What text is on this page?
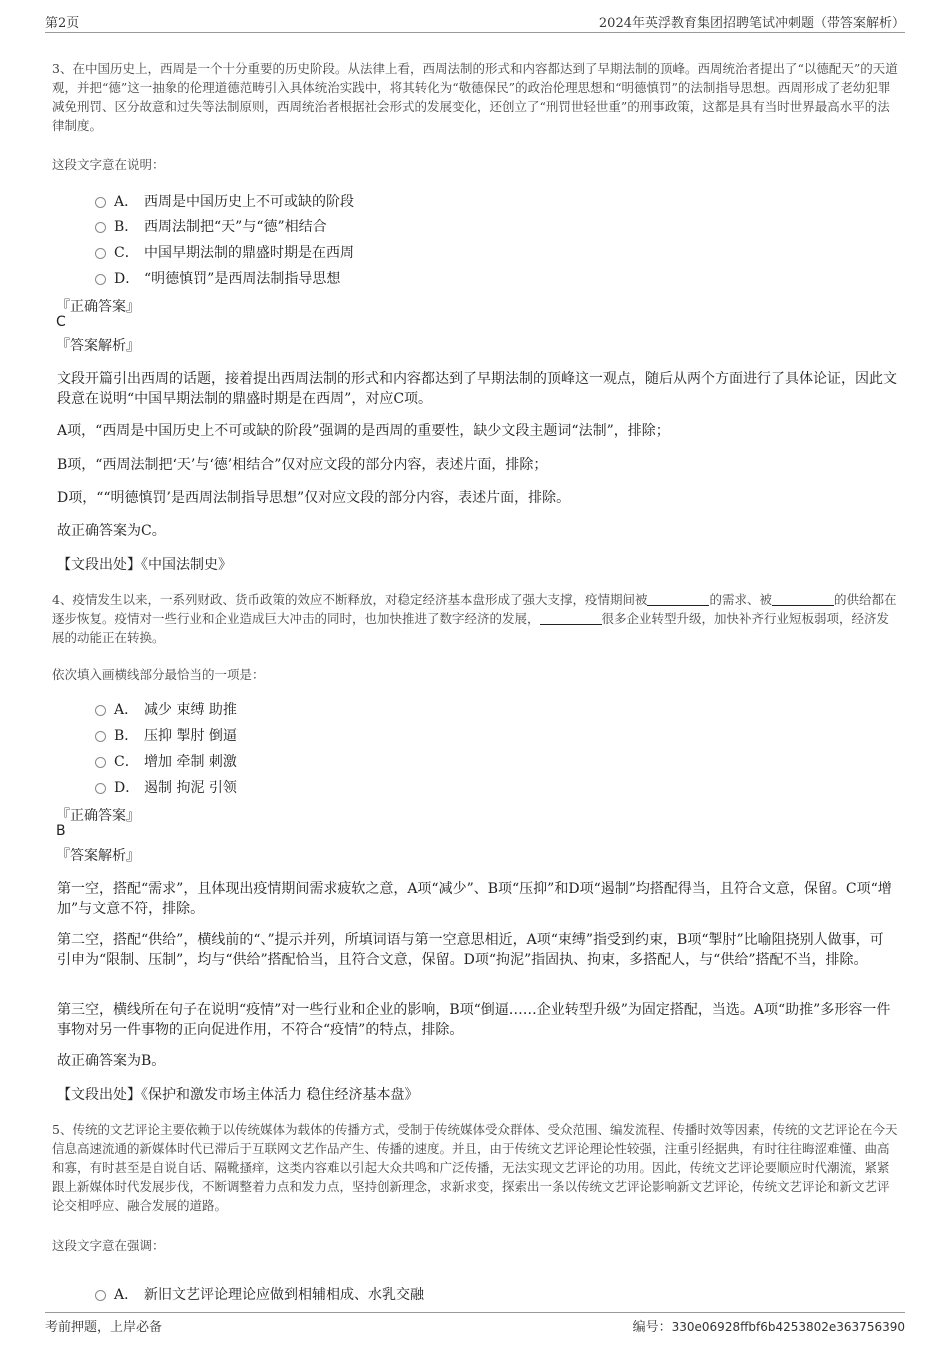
第2页	2024年英浮教育集团招聘笔试冲刺题（带答案解析）

3、在中国历史上，西周是一个十分重要的历史阶段。从法律上看，西周法制的形式和内容都达到了早期法制的顶峰。西周统治者提出了“以德配天”的天道观，并把“德”这一抽象的伦理道德范畴引入具体统治实践中，将其转化为“敬德保民”的政治伦理思想和“明德慎罚”的法制指导思想。西周形成了老幼犯罪减免刑罚、区分故意和过失等法制原则，西周统治者根据社会形式的发展变化，还创立了“刑罚世轻世重”的刑事政策，这都是具有当时世界最高水平的法律制度。

这段文字意在说明：
A． 西周是中国历史上不可或缺的阶段
B． 西周法制把“天”与“德”相结合
C． 中国早期法制的鼎盛时期是在西周
D． “明德慎罚”是西周法制指导思想
『正确答案』
C
『答案解析』

文段开篇引出西周的话题，接着提出西周法制的形式和内容都达到了早期法制的顶峰这一观点，随后从两个方面进行了具体论证，因此文段意在说明“中国早期法制的鼎盛时期是在西周”，对应C项。

A项，“西周是中国历史上不可或缺的阶段”强调的是西周的重要性，缺少文段主题词“法制”，排除；

B项，“西周法制把‘天’与‘德’相结合”仅对应文段的部分内容，表述片面，排除；

D项，““明德慎罚’是西周法制指导思想”仅对应文段的部分内容，表述片面，排除。

故正确答案为C。

【文段出处】《中国法制史》

4、疫情发生以来，一系列财政、货币政策的效应不断释放，对稳定经济基本盘形成了强大支撑，疫情期间被	的需求、被	的供给都在逐步恢复。疫情对一些行业和企业造成巨大冲击的同时，也加快推进了数字经济的发展，	很多企业转型升级，加快补齐行业短板弱项，经济发展的动能正在转换。

依次填入画横线部分最恰当的一项是：
A． 减少 束缚 助推
B． 压抑 掣肘 倒逼
C． 增加 牵制 刺激
D． 遏制 拘泥 引领
『正确答案』
B
『答案解析』

第一空，搭配“需求”，且体现出疫情期间需求疲软之意，A项“减少”、B项“压抑”和D项“遏制”均搭配得当，且符合文意，保留。C项“增加”与文意不符，排除。

第二空，搭配“供给”，横线前的“、”提示并列，所填词语与第一空意思相近，A项“束缚”指受到约束，B项“掣肘”比喻阻挠别人做事，可引申为“限制、压制”，均与“供给”搭配恰当，且符合文意，保留。D项“拘泥”指固执、拘束，多搭配人，与“供给”搭配不当，排除。

第三空，横线所在句子在说明“疫情”对一些行业和企业的影响，B项“倒逼……企业转型升级”为固定搭配，当选。A项“助推”多形容一件事物对另一件事物的正向促进作用，不符合“疫情”的特点，排除。

故正确答案为B。

【文段出处】《保护和激发市场主体活力 稳住经济基本盘》

5、传统的文艺评论主要依赖于以传统媒体为载体的传播方式，受制于传统媒体受众群体、受众范围、编发流程、传播时效等因素，传统的文艺评论在今天信息高速流通的新媒体时代已滞后于互联网文艺作品产生、传播的速度。并且，由于传统文艺评论理论性较强，注重引经据典，有时往往晦涩难懂、曲高和寡，有时甚至是自说自话、隔靴搔痒，这类内容难以引起大众共鸣和广泛传播，无法实现文艺评论的功用。因此，传统文艺评论要顺应时代潮流，紧紧跟上新媒体时代发展步伐，不断调整着力点和发力点，坚持创新理念，求新求变，探索出一条以传统文艺评论影响新文艺评论，传统文艺评论和新文艺评论交相呼应、融合发展的道路。

这段文字意在强调：
A． 新旧文艺评论理论应做到相辅相成、水乳交融
考前押题，上岸必备	编号：330e06928ffbf6b4253802e363756390
